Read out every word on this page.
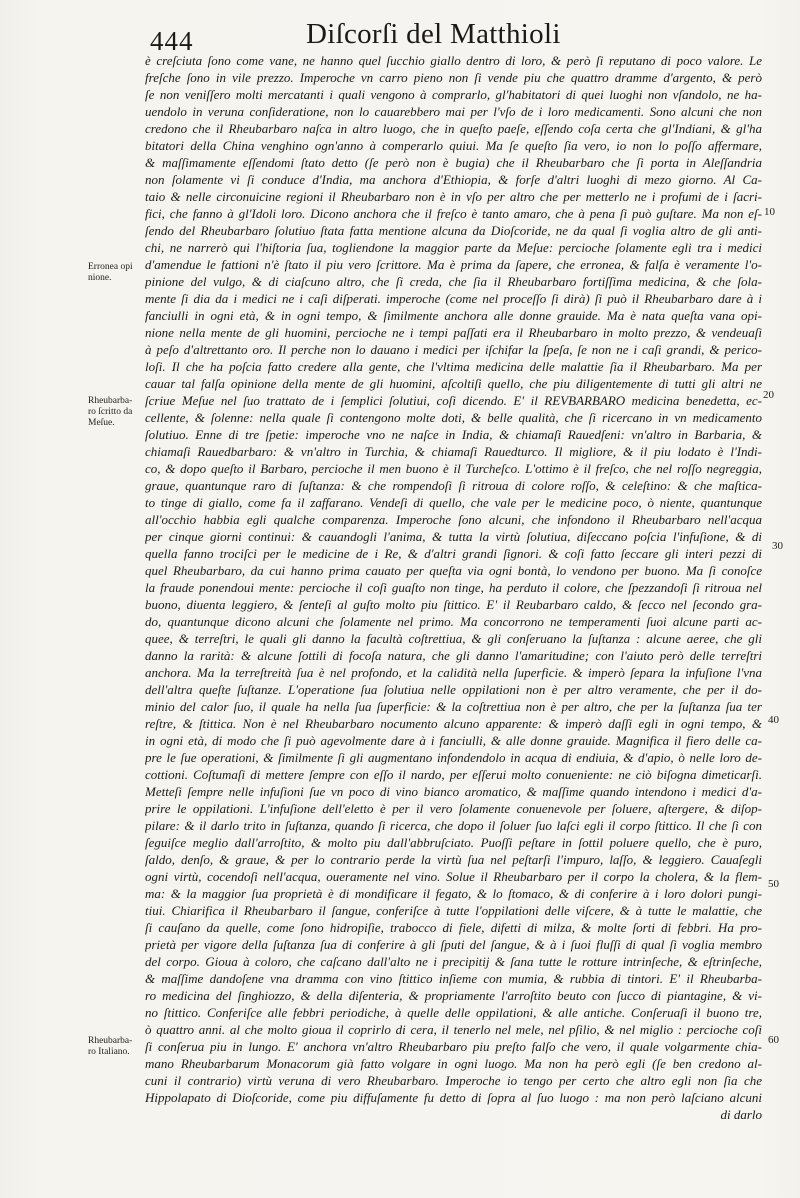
444	Diſcorſi del Matthioli
è creſciuta ſono come vane, ne hanno quel ſucchio giallo dentro di loro, & però ſi reputano di poco valore. Le
freſche ſono in vile prezzo. Imperoche vn carro pieno non ſi vende piu che quattro dramme d'argento, & però
ſe non veniſſero molti mercatanti i quali vengono à comprarlo, gl'habitatori di quei luoghi non vſandolo, ne ha-
uendolo in veruna conſideratione, non lo cauarebbero mai per l'vſo de i loro medicamenti. Sono alcuni che non
credono che il Rheubarbaro naſca in altro luogo, che in queſto paeſe, eſſendo coſa certa che gl'Indiani, & gl'ha
bitatori della China venghino ogn'anno à comperarlo quiui. Ma ſe queſto ſia vero, io non lo poſſo affermare,
& maſſimamente eſſendomi ſtato detto (ſe però non è bugia) che il Rheubarbaro che ſi porta in Aleſſandria
non ſolamente vi ſi conduce d'India, ma anchora d'Ethiopia, & forſe d'altri luoghi di mezo giorno. Al Ca-
taio & nelle circonuicine regioni il Rheubarbaro non è in vſo per altro che per metterlo ne i profumi de i ſacri-
fici, che fanno à gl'Idoli loro. Dicono anchora che il freſco è tanto amaro, che à pena ſi può guſtare. Ma non eſ-
ſendo del Rheubarbaro ſolutiuo ſtata fatta mentione alcuna da Dioſcoride, ne da qual ſi voglia altro de gli anti-
chi, ne narrerò qui l'hiſtoria ſua, togliendone la maggior parte da Meſue: percioche ſolamente egli tra i medici
d'amendue le fattioni n'è ſtato il piu vero ſcrittore. Ma è prima da ſapere, che erronea, & falſa è veramente l'o-
pinione del vulgo, & di ciaſcuno altro, che ſi creda, che ſia il Rheubarbaro fortiſſima medicina, & che ſola-
mente ſi dia da i medici ne i caſi diſperati. imperoche (come nel proceſſo ſi dirà) ſi può il Rheubarbaro dare à i
fanciulli in ogni età, & in ogni tempo, & ſimilmente anchora alle donne grauide. Ma è nata queſta vana opi-
nione nella mente de gli huomini, percioche ne i tempi paſſati era il Rheubarbaro in molto prezzo, & vendeuaſi
à peſo d'altrettanto oro. Il perche non lo dauano i medici per iſchifar la ſpeſa, ſe non ne i caſi grandi, & perico-
loſi. Il che ha poſcia fatto credere alla gente, che l'vltima medicina delle malattie ſia il Rheubarbaro. Ma per
cauar tal falſa opinione della mente de gli huomini, aſcoltiſi quello, che piu diligentemente di tutti gli altri ne
ſcriue Meſue nel ſuo trattato de i ſemplici ſolutiui, coſi dicendo. E' il REVBARBARO medicina benedetta, ec-
cellente, & ſolenne: nella quale ſi contengono molte doti, & belle qualità, che ſi ricercano in vn medicamento
ſolutiuo. Enne di tre ſpetie: imperoche vno ne naſce in India, & chiamaſi Rauedſeni: vn'altro in Barbaria, &
chiamaſi Rauedbarbaro: & vn'altro in Turchia, & chiamaſi Rauedturco. Il migliore, & il piu lodato è l'Indi-
co, & dopo queſto il Barbaro, percioche il men buono è il Turcheſco. L'ottimo è il freſco, che nel roſſo negreggia,
graue, quantunque raro di ſuſtanza: & che rompendoſi ſi ritroua di colore roſſo, & celeſtino: & che maſtica-
to tinge di giallo, come fa il zaffarano. Vendeſi di quello, che vale per le medicine poco, ò niente, quantunque
all'occhio habbia egli qualche comparenza. Imperoche ſono alcuni, che infondono il Rheubarbaro nell'acqua
per cinque giorni continui: & cauandogli l'anima, & tutta la virtù ſolutiua, diſeccano poſcia l'infuſione, & di
quella fanno trociſci per le medicine de i Re, & d'altri grandi ſignori. & coſi fatto ſeccare gli interi pezzi di
quel Rheubarbaro, da cui hanno prima cauato per queſta via ogni bontà, lo vendono per buono. Ma ſi conoſce
la fraude ponendoui mente: percioche il coſi guaſto non tinge, ha perduto il colore, che ſpezzandoſi ſi ritroua nel
buono, diuenta leggiero, & ſenteſi al guſto molto piu ſtittico. E' il Reubarbaro caldo, & ſecco nel ſecondo gra-
do, quantunque dicono alcuni che ſolamente nel primo. Ma concorrono ne temperamenti ſuoi alcune parti ac-
quee, & terreſtri, le quali gli danno la facultà coſtrettiua, & gli conſeruano la ſuſtanza : alcune aeree, che gli
danno la rarità: & alcune ſottili di focoſa natura, che gli danno l'amaritudine; con l'aiuto però delle terreſtri
anchora. Ma la terreſtreità ſua è nel profondo, et la calidità nella ſuperficie. & imperò ſepara la infuſione l'vna
dell'altra queſte ſuſtanze. L'operatione ſua ſolutiua nelle oppilationi non è per altro veramente, che per il do-
minio del calor ſuo, il quale ha nella ſua ſuperficie: & la coſtrettiua non è per altro, che per la ſuſtanza ſua ter
reſtre, & ſtittica. Non è nel Rheubarbaro nocumento alcuno apparente: & imperò daſſi egli in ogni tempo, &
in ogni età, di modo che ſi può agevolmente dare à i fanciulli, & alle donne grauide. Magnifica il fiero delle ca-
pre le ſue operationi, & ſimilmente ſi gli augmentano infondendolo in acqua di endiuia, & d'apio, ò nelle loro de-
cottioni. Coſtumaſi di mettere ſempre con eſſo il nardo, per eſſerui molto conueniente: ne ciò biſogna dimeticarſi.
Metteſi ſempre nelle infuſioni ſue vn poco di vino bianco aromatico, & maſſime quando intendono i medici d'a-
prire le oppilationi. L'infuſione dell'eletto è per il vero ſolamente conuenevole per ſoluere, aſtergere, & diſop-
pilare: & il darlo trito in ſuſtanza, quando ſi ricerca, che dopo il ſoluer ſuo laſci egli il corpo ſtittico. Il che ſi con
ſeguiſce meglio dall'arroſtito, & molto piu dall'abbruſciato. Puoſſi peſtare in ſottil poluere quello, che è puro,
ſaldo, denſo, & graue, & per lo contrario perde la virtù ſua nel peſtarſi l'impuro, laſſo, & leggiero. Cauaſegli
ogni virtù, cocendoſi nell'acqua, oueramente nel vino. Solue il Rheubarbaro per il corpo la cholera, & la flem-
ma: & la maggior ſua proprietà è di mondificare il fegato, & lo ſtomaco, & di conferire à i loro dolori pungi-
tiui. Chiarifica il Rheubarbaro il ſangue, conferiſce à tutte l'oppilationi delle viſcere, & à tutte le malattie, che
ſi cauſano da quelle, come ſono hidropiſie, trabocco di fiele, difetti di milza, & molte ſorti di febbri. Ha pro-
prietà per vigore della ſuſtanza ſua di conferire à gli ſputi del ſangue, & à i ſuoi fluſſi di qual ſi voglia membro
del corpo. Gioua à coloro, che caſcano dall'alto ne i precipitij & ſana tutte le rotture intrinſeche, & eſtrinſeche,
& maſſime dandoſene vna dramma con vino ſtittico inſieme con mumia, & rubbia di tintori. E' il Rheubarba-
ro medicina del ſinghiozzo, & della diſenteria, & propriamente l'arroſtito beuto con ſucco di piantagine, & vi-
no ſtittico. Conferiſce alle febbri periodiche, à quelle delle oppilationi, & alle antiche. Conſeruaſi il buono tre,
ò quattro anni. al che molto gioua il coprirlo di cera, il tenerlo nel mele, nel pſilio, & nel miglio : percioche coſi
ſi conſerua piu in lungo. E' anchora vn'altro Rheubarbaro piu preſto falſo che vero, il quale volgarmente chia-
mano Rheubarbarum Monacorum già fatto volgare in ogni luogo. Ma non ha però egli (ſe ben credono al-
cuni il contrario) virtù veruna di vero Rheubarbaro. Imperoche io tengo per certo che altro egli non ſia che
Hippolapato di Dioſcoride, come piu diffuſamente fu detto di ſopra al ſuo luogo : ma non però laſciano alcuni
di darlo
Erronea opi
nione.
Rheubarba-
ro ſcritto da
Meſue.
Rheubarba-
ro Italiano.
10
20
30
40
50
60
